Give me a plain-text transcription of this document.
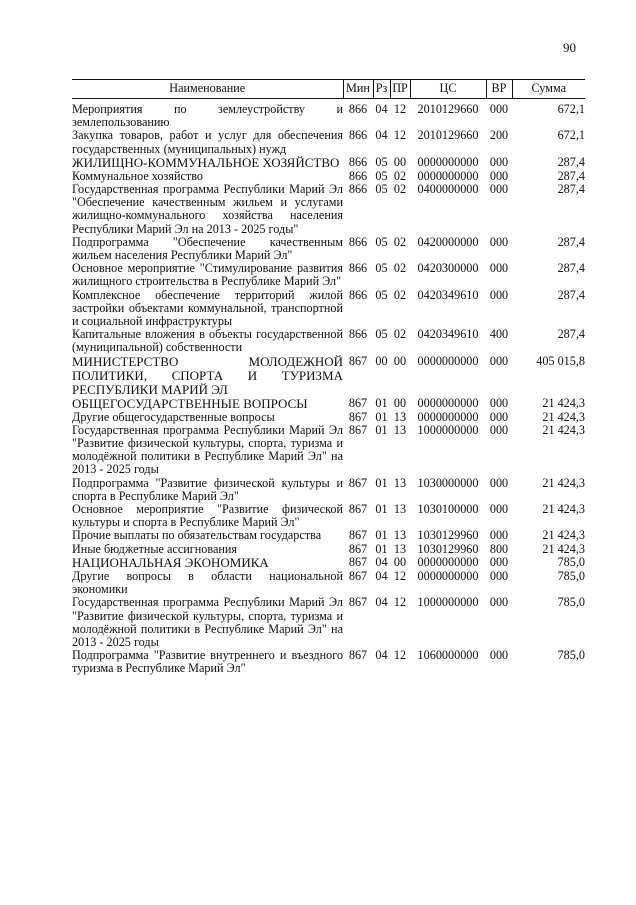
90
Наименование	Мин	Рз	ПР	ЦС	ВР	Сумма
Мероприятия по землеустройству и землепользованию	866	04	12	2010129660	000	672,1
Закупка товаров, работ и услуг для обеспечения государственных (муниципальных) нужд	866	04	12	2010129660	200	672,1
ЖИЛИЩНО-КОММУНАЛЬНОЕ ХОЗЯЙСТВО	866	05	00	0000000000	000	287,4
Коммунальное хозяйство	866	05	02	0000000000	000	287,4
Государственная программа Республики Марий Эл "Обеспечение качественным жильем и услугами жилищно-коммунального хозяйства населения Республики Марий Эл на 2013 - 2025 годы"	866	05	02	0400000000	000	287,4
Подпрограмма "Обеспечение качественным жильем населения Республики Марий Эл"	866	05	02	0420000000	000	287,4
Основное мероприятие "Стимулирование развития жилищного строительства в Республике Марий Эл"	866	05	02	0420300000	000	287,4
Комплексное обеспечение территорий жилой застройки объектами коммунальной, транспортной и социальной инфраструктуры	866	05	02	0420349610	000	287,4
Капитальные вложения в объекты государственной (муниципальной) собственности	866	05	02	0420349610	400	287,4
МИНИСТЕРСТВО МОЛОДЕЖНОЙ ПОЛИТИКИ, СПОРТА И ТУРИЗМА РЕСПУБЛИКИ МАРИЙ ЭЛ	867	00	00	0000000000	000	405 015,8
ОБЩЕГОСУДАРСТВЕННЫЕ ВОПРОСЫ	867	01	00	0000000000	000	21 424,3
Другие общегосударственные вопросы	867	01	13	0000000000	000	21 424,3
Государственная программа Республики Марий Эл "Развитие физической культуры, спорта, туризма и молодёжной политики в Республике Марий Эл" на 2013 - 2025 годы	867	01	13	1000000000	000	21 424,3
Подпрограмма "Развитие физической культуры и спорта в Республике Марий Эл"	867	01	13	1030000000	000	21 424,3
Основное мероприятие "Развитие физической культуры и спорта в Республике Марий Эл"	867	01	13	1030100000	000	21 424,3
Прочие выплаты по обязательствам государства	867	01	13	1030129960	000	21 424,3
Иные бюджетные ассигнования	867	01	13	1030129960	800	21 424,3
НАЦИОНАЛЬНАЯ ЭКОНОМИКА	867	04	00	0000000000	000	785,0
Другие вопросы в области национальной экономики	867	04	12	0000000000	000	785,0
Государственная программа Республики Марий Эл "Развитие физической культуры, спорта, туризма и молодёжной политики в Республике Марий Эл" на 2013 - 2025 годы	867	04	12	1000000000	000	785,0
Подпрограмма "Развитие внутреннего и въездного туризма в Республике Марий Эл"	867	04	12	1060000000	000	785,0
